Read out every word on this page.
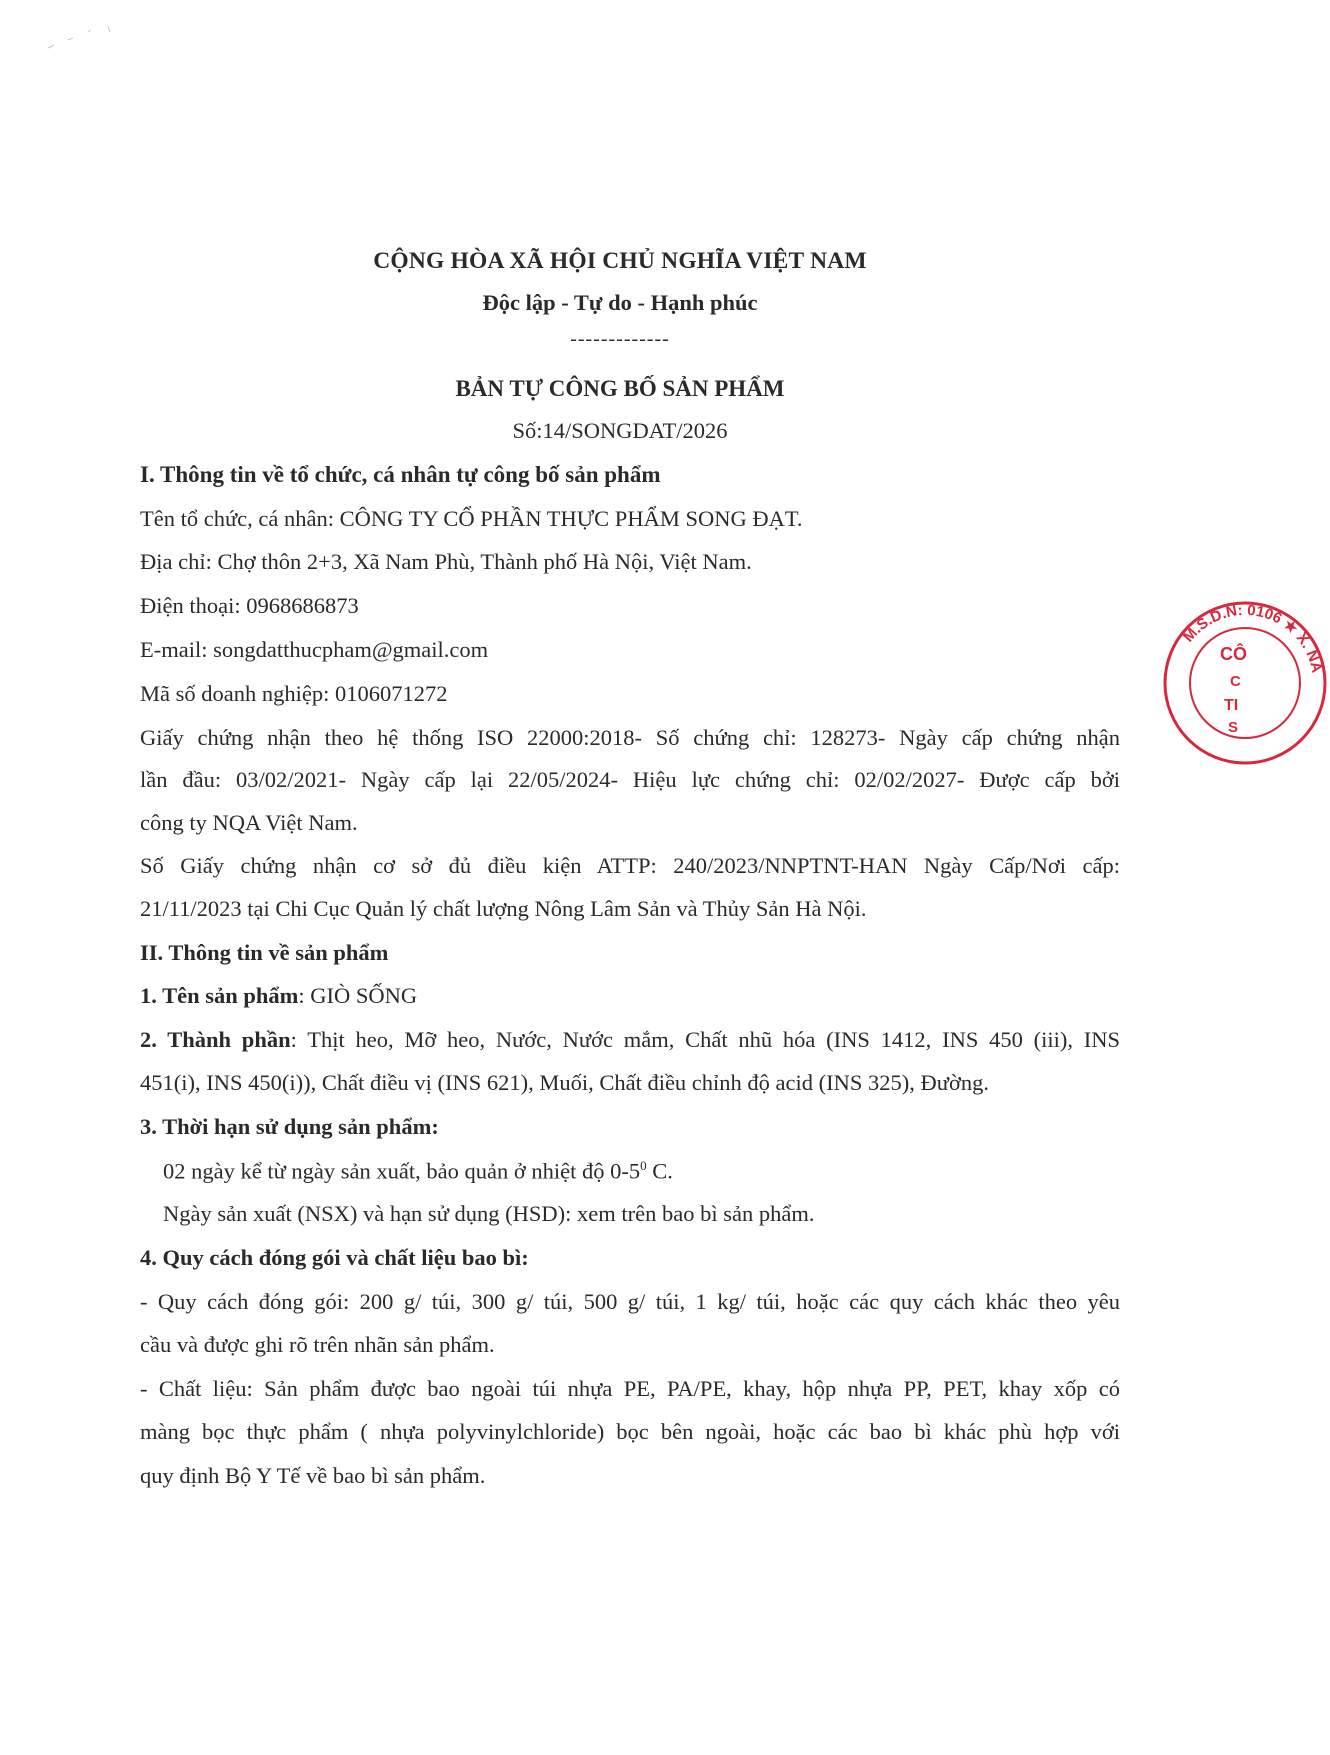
CỘNG HÒA XÃ HỘI CHỦ NGHĨA VIỆT NAM
Độc lập - Tự do - Hạnh phúc
-------------
BẢN TỰ CÔNG BỐ SẢN PHẨM
Số:14/SONGDAT/2026
I. Thông tin về tổ chức, cá nhân tự công bố sản phẩm
Tên tổ chức, cá nhân: CÔNG TY CỔ PHẦN THỰC PHẨM SONG ĐẠT.
Địa chỉ: Chợ thôn 2+3, Xã Nam Phù, Thành phố Hà Nội, Việt Nam.
Điện thoại: 0968686873
E-mail: songdatthucpham@gmail.com
Mã số doanh nghiệp: 0106071272
Giấy chứng nhận theo hệ thống ISO 22000:2018- Số chứng chỉ: 128273- Ngày cấp chứng nhận
lần đầu: 03/02/2021- Ngày cấp lại 22/05/2024- Hiệu lực chứng chỉ: 02/02/2027- Được cấp bởi
công ty NQA Việt Nam.
Số Giấy chứng nhận cơ sở đủ điều kiện ATTP: 240/2023/NNPTNT-HAN Ngày Cấp/Nơi cấp:
21/11/2023 tại Chi Cục Quản lý chất lượng Nông Lâm Sản và Thủy Sản Hà Nội.
II. Thông tin về sản phẩm
1. Tên sản phẩm: GIÒ SỐNG
2. Thành phần: Thịt heo, Mỡ heo, Nước, Nước mắm, Chất nhũ hóa (INS 1412, INS 450 (iii), INS
451(i), INS 450(i)), Chất điều vị (INS 621), Muối, Chất điều chỉnh độ acid (INS 325), Đường.
3. Thời hạn sử dụng sản phẩm:
02 ngày kể từ ngày sản xuất, bảo quản ở nhiệt độ $0-5^0$ C.
Ngày sản xuất (NSX) và hạn sử dụng (HSD): xem trên bao bì sản phẩm.
4. Quy cách đóng gói và chất liệu bao bì:
- Quy cách đóng gói: 200 g/ túi, 300 g/ túi, 500 g/ túi, 1 kg/ túi, hoặc các quy cách khác theo yêu
cầu và được ghi rõ trên nhãn sản phẩm.
- Chất liệu: Sản phẩm được bao ngoài túi nhựa PE, PA/PE, khay, hộp nhựa PP, PET, khay xốp có
màng bọc thực phẩm ( nhựa polyvinylchloride) bọc bên ngoài, hoặc các bao bì khác phù hợp với
quy định Bộ Y Tế về bao bì sản phẩm.
M.S.D.N: 0106 ★ X. NA
CÔ
C
TI
S
